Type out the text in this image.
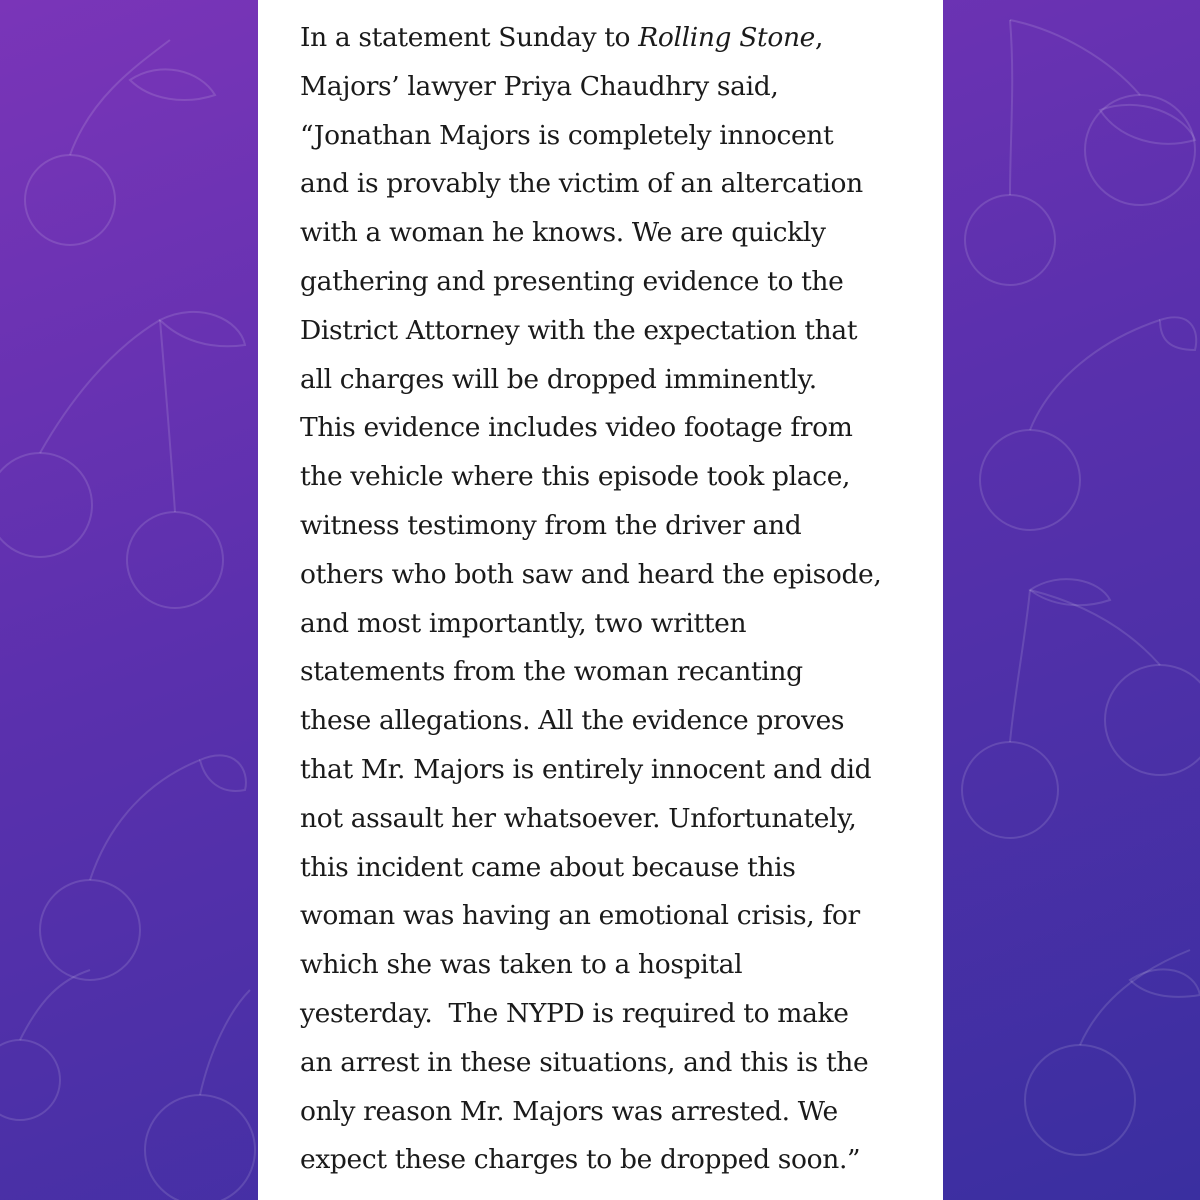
In a statement Sunday to Rolling Stone,
Majors’ lawyer Priya Chaudhry said,
“Jonathan Majors is completely innocent
and is provably the victim of an altercation
with a woman he knows. We are quickly
gathering and presenting evidence to the
District Attorney with the expectation that
all charges will be dropped imminently.
This evidence includes video footage from
the vehicle where this episode took place,
witness testimony from the driver and
others who both saw and heard the episode,
and most importantly, two written
statements from the woman recanting
these allegations. All the evidence proves
that Mr. Majors is entirely innocent and did
not assault her whatsoever. Unfortunately,
this incident came about because this
woman was having an emotional crisis, for
which she was taken to a hospital
yesterday.  The NYPD is required to make
an arrest in these situations, and this is the
only reason Mr. Majors was arrested. We
expect these charges to be dropped soon.”
